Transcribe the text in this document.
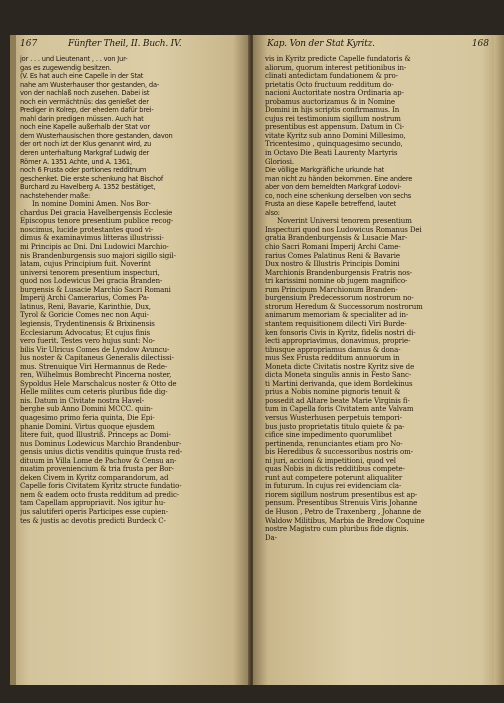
167	Fünfter Theil, II. Buch. IV.
jor . . . und Lieutenant , . . von Jur-
gas es zugewendig besitzen.
(V. Es hat auch eine Capelle in der Stat
nahe am Wusterhauser thor gestanden, da-
von der nachlaß noch zusehen. Dabei ist
noch ein vermächtnüs: das genießet der
Prediger in Kolrep, der ehedem dafür brei-
mahl darin predigen müssen. Auch hat
noch eine Kapelle außerhalb der Stat vor
dem Wusterhausischen thore gestanden, davon
der ort noch izt der Klus genannt wird, zu
deren unterhaltung Markgraf Ludwig der
Römer A. 1351 Achte, und A. 1361,
noch 6 Frusta oder portiones redditnum
geschenket. Die erste schenkung hat Bischof
Burchard zu Havelberg A. 1352 bestätiget,
nachstehender maße:
In nomine Domini Amen. Nos Bor-
chardus Dei gracia Havelbergensis Ecclesie
Episcopus tenore presentium publice recog-
noscimus, lucide protestantes quod vi-
dimus & examinavimus litteras illustrissi-
mi Principis ac Dni. Dni Ludowici Marchio-
nis Brandenburgensis suo majori sigillo sigil-
latam, cujus Principium fuit. Noverint
universi tenorem presentium inspecturi,
quod nos Lodewicus Dei gracia Branden-
burgensis & Lusacie Marchio Sacri Romani
Imperij Archi Camerarius, Comes Pa-
latinus, Reni, Bavarie, Karinthie, Dux,
Tyrol & Goricie Comes nec non Aqui-
legiensis, Trydentinensis & Brixinensis
Ecclesiarum Advocatus; Et cujus finis
vero fuerit. Testes vero hujus sunt: No-
bilis Vir Ulricus Comes de Lyndow Avuncu-
lus noster & Capitaneus Generalis dilectissi-
mus. Strenuique Viri Hermannus de Rede-
ren, Wilhelmus Bombrecht Pincerna noster,
Sypoldus Hele Marschalcus noster & Otto de
Helle milites cum ceteris pluribus fide dig-
nis. Datum in Civitate nostra Havel-
berghe sub Anno Domini MCCC. quin-
quagesimo primo feria quinta, Die Epi-
phanie Domini. Virtus quoque ejusdem
litere fuit, quod Illustriß. Princeps ac Domi-
nus Dominus Lodewicus Marchio Brandenbur-
gensis unius dictis venditis quinque frusta red-
dituum in Villa Lome de Pachow & Censu an-
nuatim proveniencium & tria frusta per Bor-
deken Civem in Kyritz comparandorum, ad
Capelle foris Civitatem Kyritz structe fundatio-
nem & eadem octo frusta redditum ad predic-
tam Capellam appropriavit. Nos igitur hu-
jus salutiferi operis Participes esse cupien-
tes & justis ac devotis predicti Burdeck C-
Kap. Von der Stat Kyritz.	168
vis in Kyritz predicte Capelle fundatoris &
aliorum, quorum interest petitionibus in-
clinati antedictam fundationem & pro-
prietatis Octo fructuum redditum do-
nacioni Auctoritate nostra Ordinaria ap-
probamus auctorizamus & in Nomine
Domini in hijs scriptis confirmamus. In
cujus rei testimonium sigillum nostrum
presentibus est appensum. Datum in Ci-
vitate Kyritz sub anno Domini Millesimo,
Tricentesimo , quinquagesimo secundo,
in Octavo Die Beati Laurenty Martyris
Gloriosi.
Die völlige Markgräfliche urkunde hat
man nicht zu händen bekommen. Eine andere
aber von dem bemeldten Markgraf Lodovi-
co, noch eine schenkung derselben von sechs
Frusta an diese Kapelle betreffend, lautet
also:
Noverint Universi tenorem presentium
Inspecturi quod nos Ludowicus Romanus Dei
gratia Brandenburgensis & Lusacie Mar-
chio Sacri Romani Imperij Archi Came-
rarius Comes Palatinus Reni & Bavarie
Dux nostro & Illustris Principis Domini
Marchionis Brandenburgensis Fratris nos-
tri karissimi nomine ob jugem magnifico-
rum Principum Marchionum Branden-
burgensium Predecessorum nostrorum no-
strorum Heredum & Successorum nostrorum
animarum memoriam & specialiter ad in-
stantem requisitionem dilecti Viri Burde-
ken fonsoris Civis in Kyritz, fidelis nostri di-
lecti appropriavimus, donavimus, proprie-
tibusque appropriamus damus & dona-
mus Sex Frusta redditum annuorum in
Moneta dicte Civitatis nostre Kyritz sive de
dicta Moneta singulis annis in Festo Sanc-
ti Martini derivanda, que idem Bordekinus
prius a Nobis nomine pignoris tenuit &
possedit ad Altare beate Marie Virginis fi-
tum in Capella foris Civitatem ante Valvam
versus Wusterhusen perpetuis tempori-
bus justo proprietatis titulo quiete & pa-
cifice sine impedimento quorumlibet
pertinenda, renunciantes etiam pro No-
bis Heredibus & successoribus nostris om-
ni juri, accioni & impetitioni, quod vel
quas Nobis in dictis redditibus compete-
runt aut competere poterunt aliqualiter
in futurum. In cujus rei evidenciam cla-
riorem sigillum nostrum presentibus est ap-
pensum. Presentibus Strenuis Viris Johanne
de Huson , Petro de Traxenberg , Johanne de
Waldow Militibus, Marbia de Bredow Coquine
nostre Magistro cum pluribus fide dignis.
Da-
